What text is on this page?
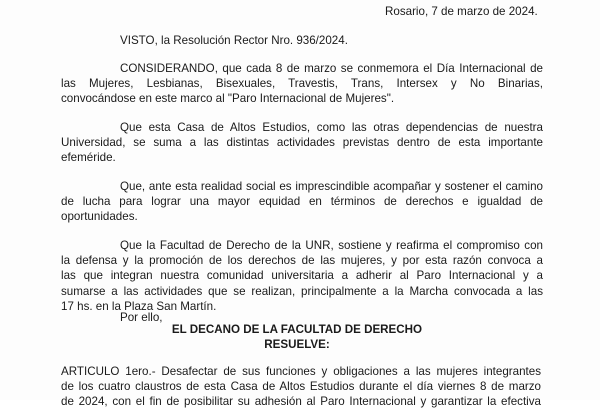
Rosario, 7 de marzo de 2024.

VISTO, la Resolución Rector Nro. 936/2024.

CONSIDERANDO, que cada 8 de marzo se conmemora el Día Internacional de
las Mujeres, Lesbianas, Bisexuales, Travestis, Trans, Intersex y No Binarias,
convocándose en este marco al "Paro Internacional de Mujeres".
Que esta Casa de Altos Estudios, como las otras dependencias de nuestra
Universidad, se suma a las distintas actividades previstas dentro de esta importante
efeméride.
Que, ante esta realidad social es imprescindible acompañar y sostener el camino
de lucha para lograr una mayor equidad en términos de derechos e igualdad de
oportunidades.
Que la Facultad de Derecho de la UNR, sostiene y reafirma el compromiso con
la defensa y la promoción de los derechos de las mujeres, y por esta razón convoca a
las que integran nuestra comunidad universitaria a adherir al Paro Internacional y a
sumarse a las actividades que se realizan, principalmente a la Marcha convocada a las
17 hs. en la Plaza San Martín.

Por ello,

EL DECANO DE LA FACULTAD DE DERECHO

RESUELVE:

ARTICULO 1ero.- Desafectar de sus funciones y obligaciones a las mujeres integrantes
de los cuatro claustros de esta Casa de Altos Estudios durante el día viernes 8 de marzo
de 2024, con el fin de posibilitar su adhesión al Paro Internacional y garantizar la efectiva
